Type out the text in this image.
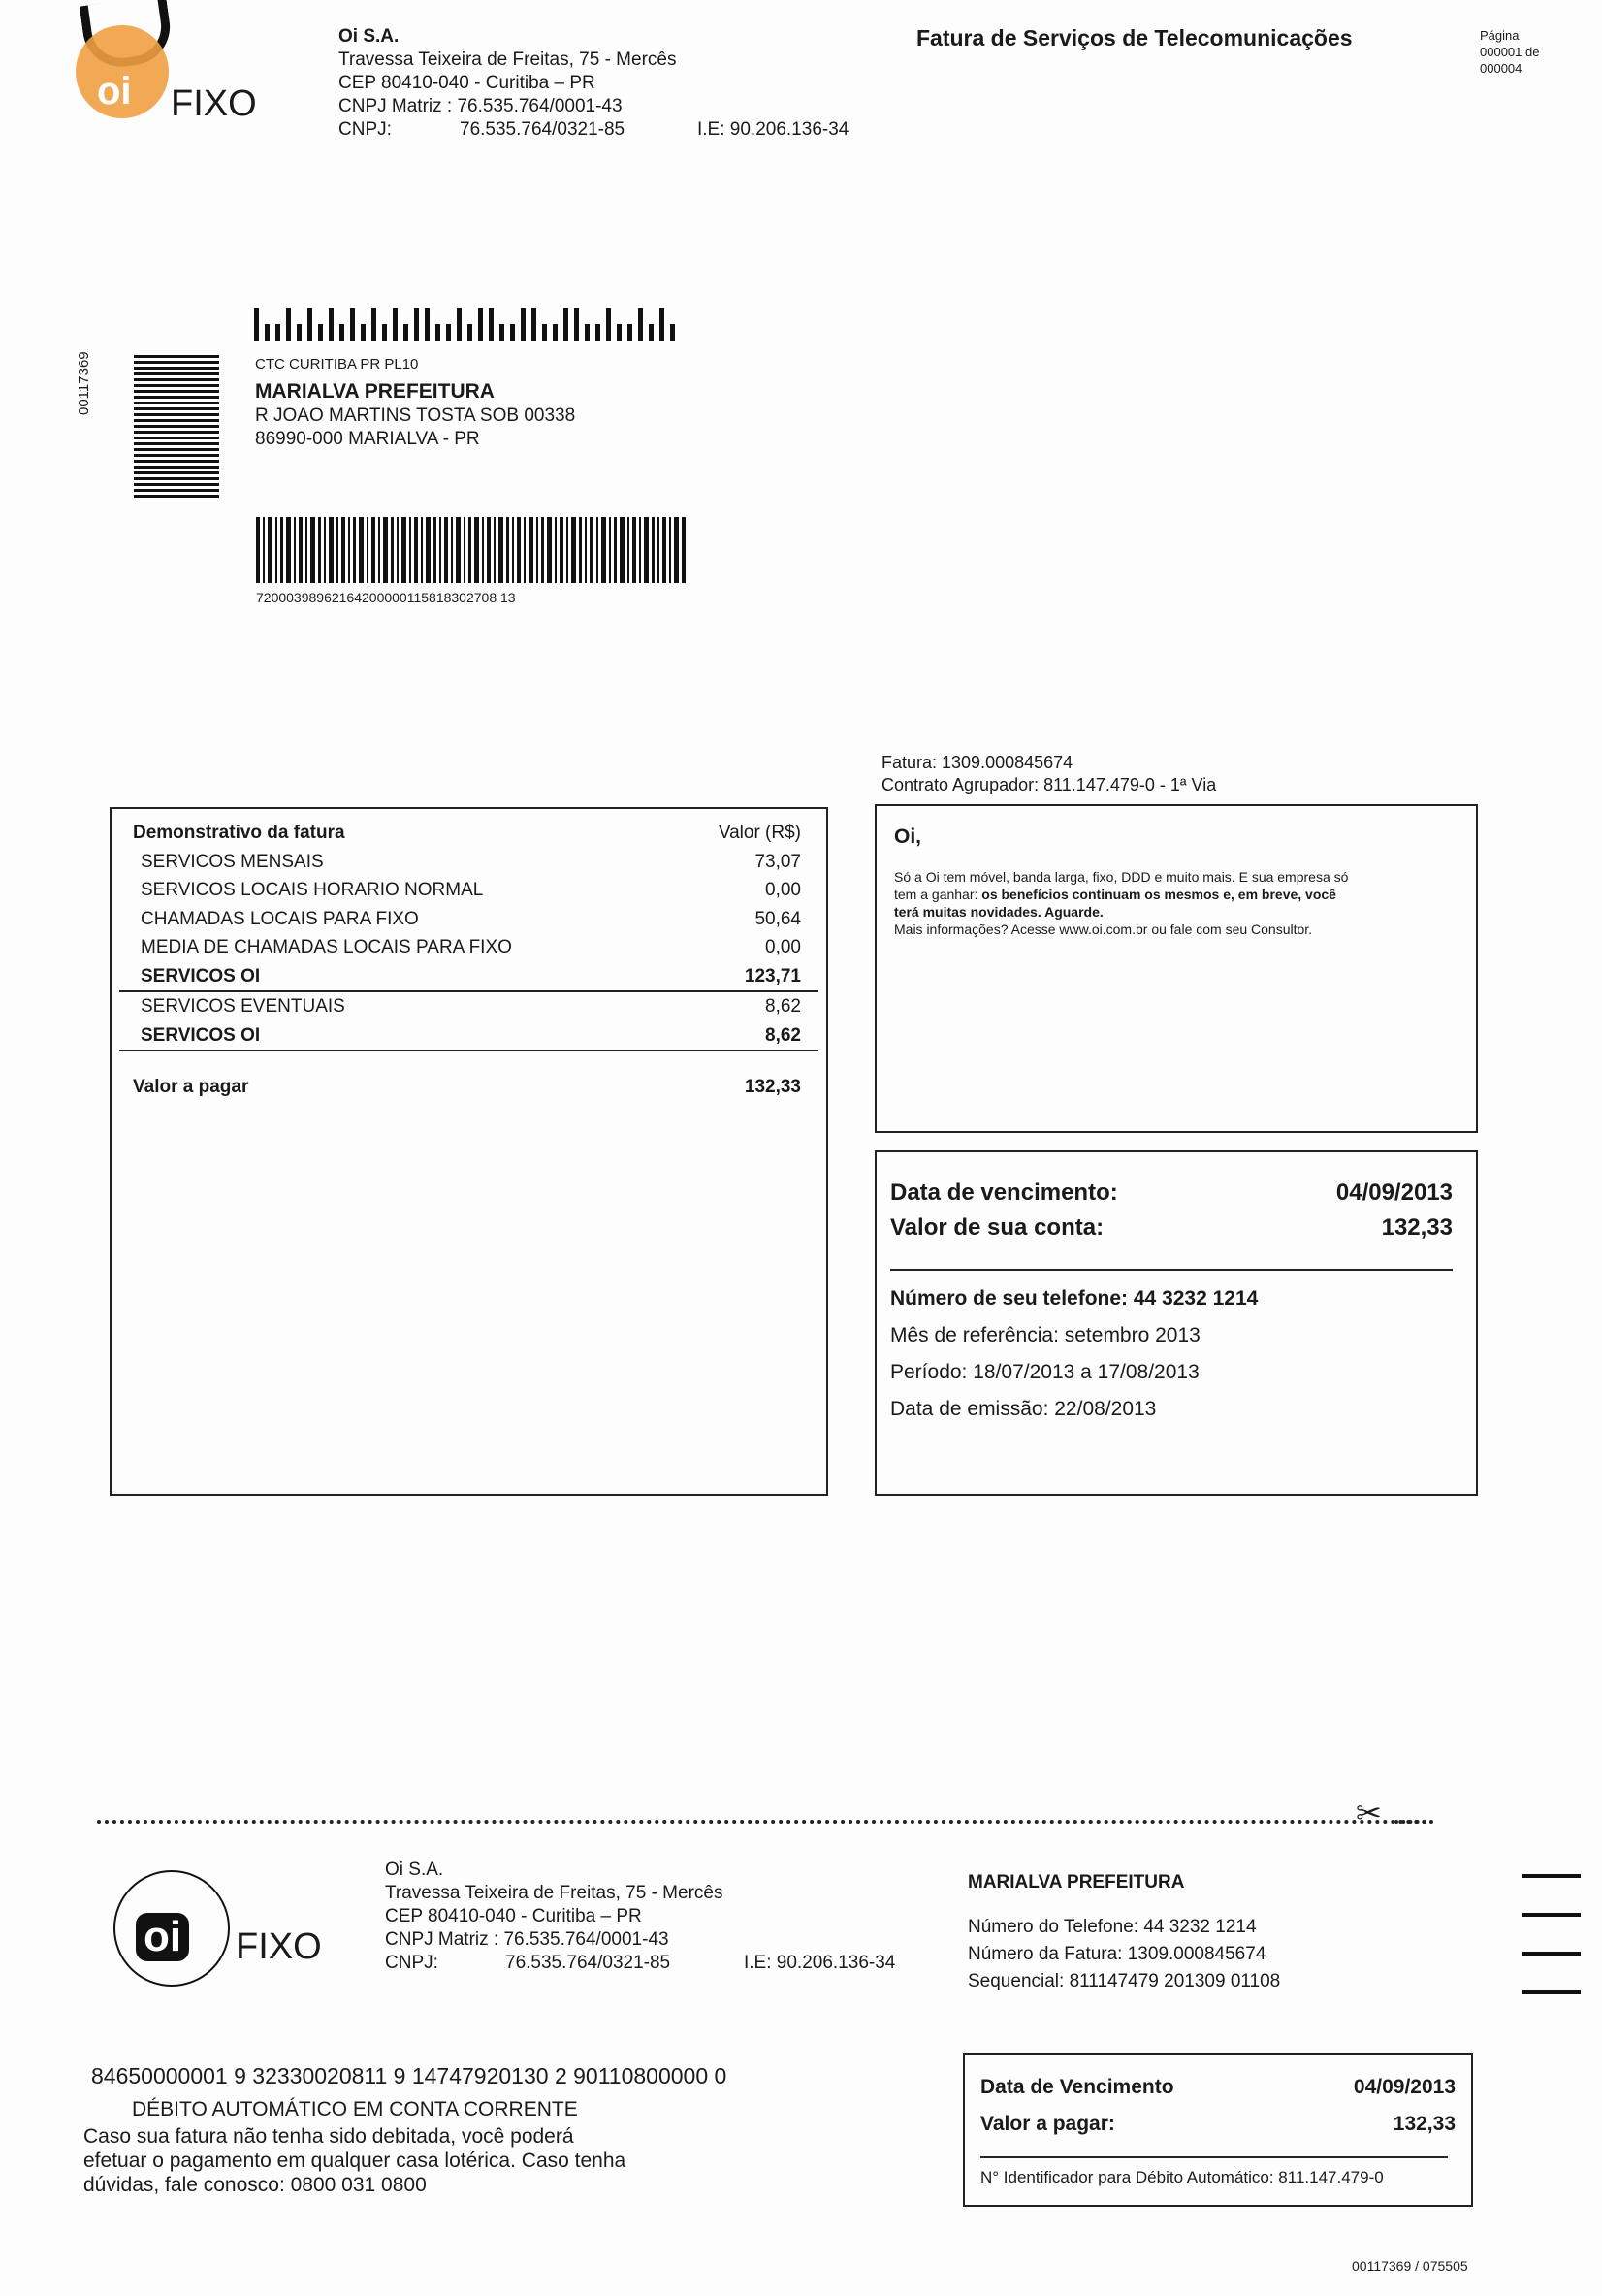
oi FIXO
Oi S.A.
Travessa Teixeira de Freitas, 75 - Mercês
CEP 80410-040 - Curitiba – PR
CNPJ Matriz : 76.535.764/0001-43
CNPJ:	76.535.764/0321-85	I.E: 90.206.136-34
Fatura de Serviços de Telecomunicações	Página
000001 de
000004
00117369	CTC CURITIBA PR PL10
MARIALVA PREFEITURA
R JOAO MARTINS TOSTA SOB 00338
86990-000 MARIALVA - PR
72000398962164200000115818302708 13
Fatura: 1309.000845674
Contrato Agrupador: 811.147.479-0 - 1ª Via
Demonstrativo da fatura	Valor (R$)
SERVICOS MENSAIS	73,07
SERVICOS LOCAIS HORARIO NORMAL	0,00
CHAMADAS LOCAIS PARA FIXO	50,64
MEDIA DE CHAMADAS LOCAIS PARA FIXO	0,00
SERVICOS OI	123,71
SERVICOS EVENTUAIS	8,62
SERVICOS OI	8,62
Valor a pagar	132,33
Oi,
Só a Oi tem móvel, banda larga, fixo, DDD e muito mais. E sua empresa só
tem a ganhar: os benefícios continuam os mesmos e, em breve, você
terá muitas novidades. Aguarde.
Mais informações? Acesse www.oi.com.br ou fale com seu Consultor.
Data de vencimento:	04/09/2013
Valor de sua conta:	132,33
Número de seu telefone: 44 3232 1214
Mês de referência: setembro 2013
Período: 18/07/2013 a 17/08/2013
Data de emissão: 22/08/2013
✂
oi FIXO
Oi S.A.
Travessa Teixeira de Freitas, 75 - Mercês
CEP 80410-040 - Curitiba – PR
CNPJ Matriz : 76.535.764/0001-43
CNPJ:	76.535.764/0321-85	I.E: 90.206.136-34
MARIALVA PREFEITURA
Número do Telefone: 44 3232 1214
Número da Fatura: 1309.000845674
Sequencial: 811147479 201309 01108
84650000001 9 32330020811 9 14747920130 2 90110800000 0
DÉBITO AUTOMÁTICO EM CONTA CORRENTE
Caso sua fatura não tenha sido debitada, você poderá
efetuar o pagamento em qualquer casa lotérica. Caso tenha
dúvidas, fale conosco: 0800 031 0800
Data de Vencimento	04/09/2013
Valor a pagar:	132,33
N° Identificador para Débito Automático: 811.147.479-0
00117369 / 075505
